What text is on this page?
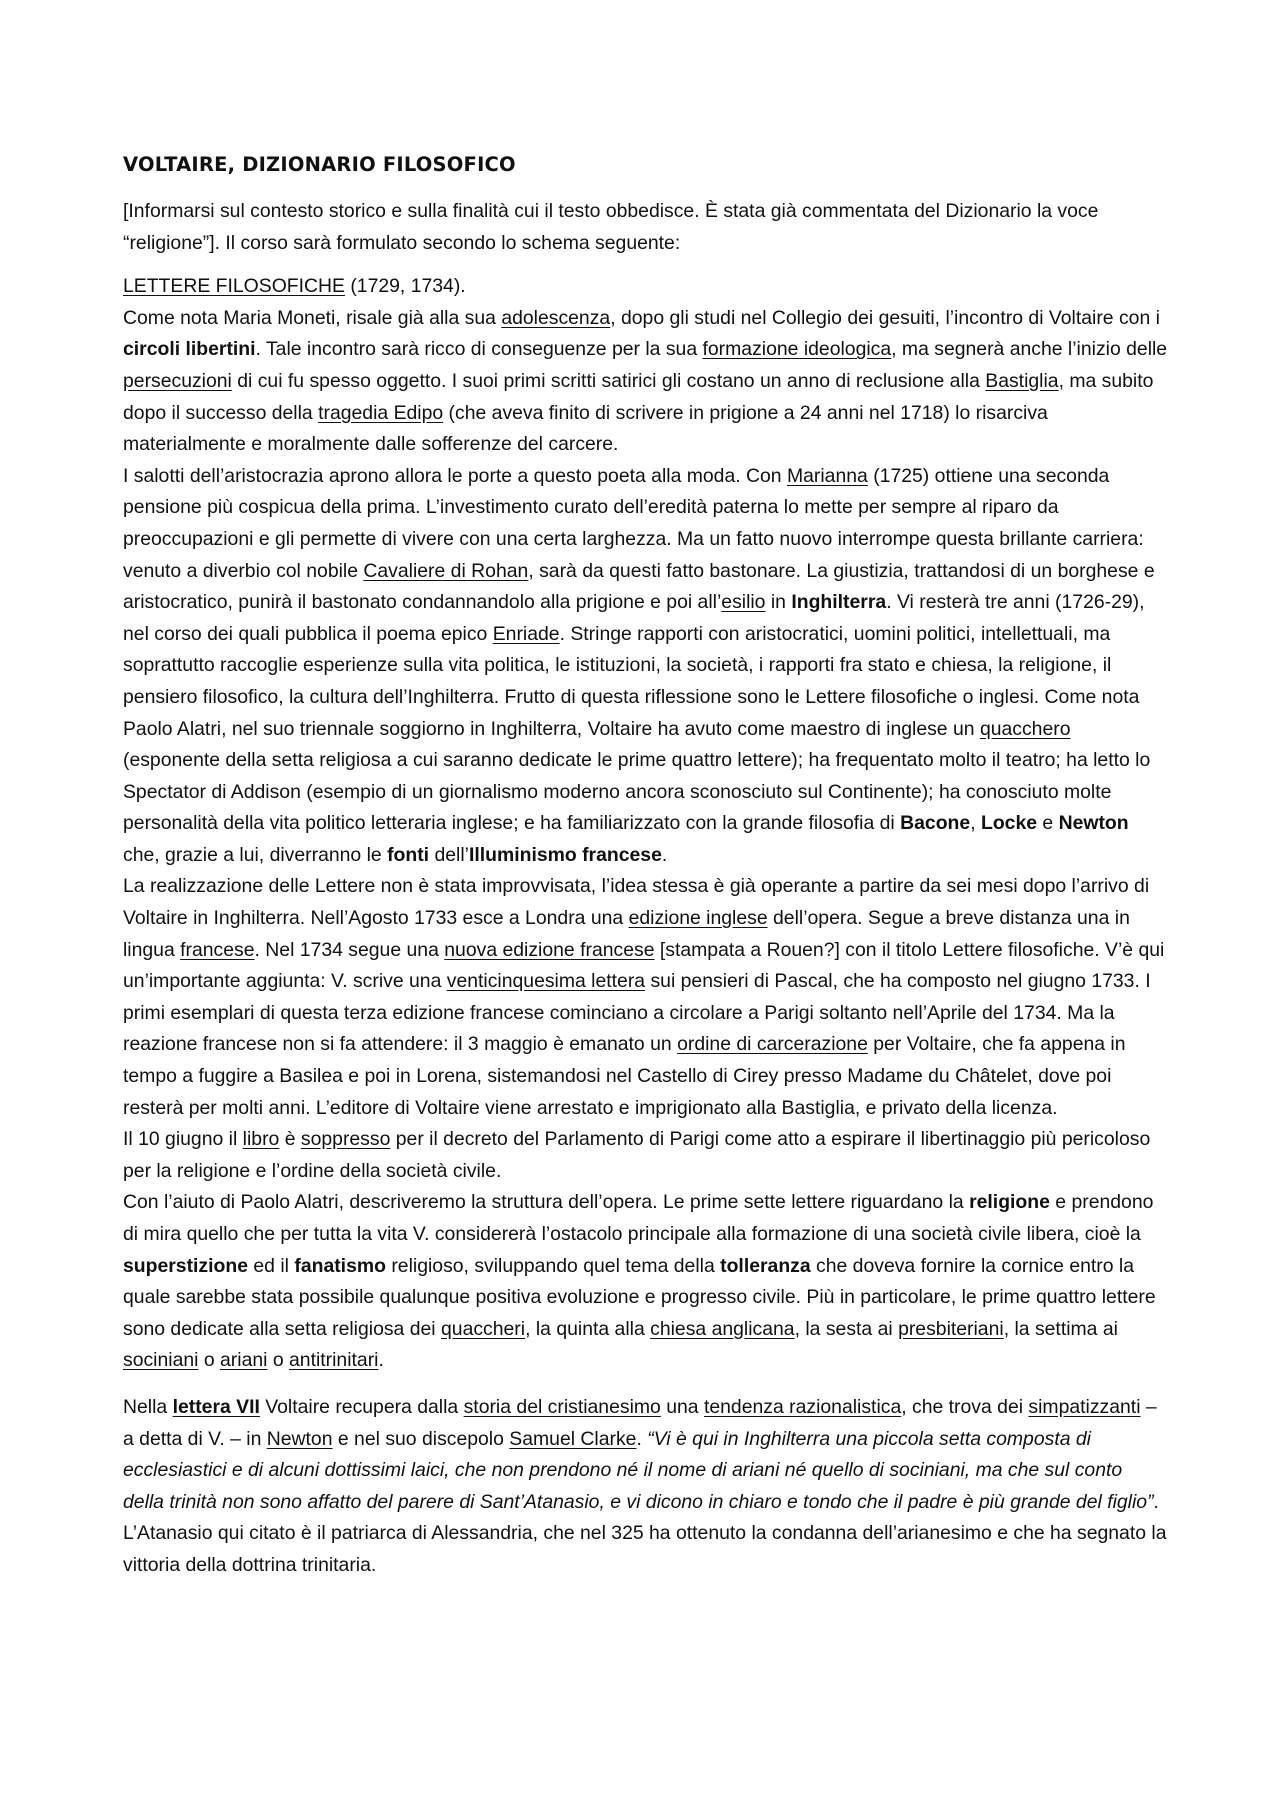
VOLTAIRE, DIZIONARIO FILOSOFICO

[Informarsi sul contesto storico e sulla finalità cui il testo obbedisce. È stata già commentata del Dizionario la voce “religione”]. Il corso sarà formulato secondo lo schema seguente:

LETTERE FILOSOFICHE (1729, 1734).

Come nota Maria Moneti, risale già alla sua adolescenza, dopo gli studi nel Collegio dei gesuiti, l’incontro di Voltaire con i circoli libertini. Tale incontro sarà ricco di conseguenze per la sua formazione ideologica, ma segnerà anche l’inizio delle persecuzioni di cui fu spesso oggetto. I suoi primi scritti satirici gli costano un anno di reclusione alla Bastiglia, ma subito dopo il successo della tragedia Edipo (che aveva finito di scrivere in prigione a 24 anni nel 1718) lo risarciva materialmente e moralmente dalle sofferenze del carcere.

I salotti dell’aristocrazia aprono allora le porte a questo poeta alla moda. Con Marianna (1725) ottiene una seconda pensione più cospicua della prima. L’investimento curato dell’eredità paterna lo mette per sempre al riparo da preoccupazioni e gli permette di vivere con una certa larghezza. Ma un fatto nuovo interrompe questa brillante carriera: venuto a diverbio col nobile Cavaliere di Rohan, sarà da questi fatto bastonare. La giustizia, trattandosi di un borghese e aristocratico, punirà il bastonato condannandolo alla prigione e poi all’esilio in Inghilterra. Vi resterà tre anni (1726-29), nel corso dei quali pubblica il poema epico Enriade. Stringe rapporti con aristocratici, uomini politici, intellettuali, ma soprattutto raccoglie esperienze sulla vita politica, le istituzioni, la società, i rapporti fra stato e chiesa, la religione, il pensiero filosofico, la cultura dell’Inghilterra. Frutto di questa riflessione sono le Lettere filosofiche o inglesi. Come nota Paolo Alatri, nel suo triennale soggiorno in Inghilterra, Voltaire ha avuto come maestro di inglese un quacchero (esponente della setta religiosa a cui saranno dedicate le prime quattro lettere); ha frequentato molto il teatro; ha letto lo Spectator di Addison (esempio di un giornalismo moderno ancora sconosciuto sul Continente); ha conosciuto molte personalità della vita politico letteraria inglese; e ha familiarizzato con la grande filosofia di Bacone, Locke e Newton che, grazie a lui, diverranno le fonti dell’Illuminismo francese.

La realizzazione delle Lettere non è stata improvvisata, l’idea stessa è già operante a partire da sei mesi dopo l’arrivo di Voltaire in Inghilterra. Nell’Agosto 1733 esce a Londra una edizione inglese dell’opera. Segue a breve distanza una in lingua francese. Nel 1734 segue una nuova edizione francese [stampata a Rouen?] con il titolo Lettere filosofiche. V’è qui un’importante aggiunta: V. scrive una venticinquesima lettera sui pensieri di Pascal, che ha composto nel giugno 1733. I primi esemplari di questa terza edizione francese cominciano a circolare a Parigi soltanto nell’Aprile del 1734. Ma la reazione francese non si fa attendere: il 3 maggio è emanato un ordine di carcerazione per Voltaire, che fa appena in tempo a fuggire a Basilea e poi in Lorena, sistemandosi nel Castello di Cirey presso Madame du Châtelet, dove poi resterà per molti anni. L’editore di Voltaire viene arrestato e imprigionato alla Bastiglia, e privato della licenza.

Il 10 giugno il libro è soppresso per il decreto del Parlamento di Parigi come atto a espirare il libertinaggio più pericoloso per la religione e l’ordine della società civile.

Con l’aiuto di Paolo Alatri, descriveremo la struttura dell’opera. Le prime sette lettere riguardano la religione e prendono di mira quello che per tutta la vita V. considererà l’ostacolo principale alla formazione di una società civile libera, cioè la superstizione ed il fanatismo religioso, sviluppando quel tema della tolleranza che doveva fornire la cornice entro la quale sarebbe stata possibile qualunque positiva evoluzione e progresso civile. Più in particolare, le prime quattro lettere sono dedicate alla setta religiosa dei quaccheri, la quinta alla chiesa anglicana, la sesta ai presbiteriani, la settima ai sociniani o ariani o antitrinitari.

Nella lettera VII Voltaire recupera dalla storia del cristianesimo una tendenza razionalistica, che trova dei simpatizzanti – a detta di V. – in Newton e nel suo discepolo Samuel Clarke. “Vi è qui in Inghilterra una piccola setta composta di ecclesiastici e di alcuni dottissimi laici, che non prendono né il nome di ariani né quello di sociniani, ma che sul conto della trinità non sono affatto del parere di Sant’Atanasio, e vi dicono in chiaro e tondo che il padre è più grande del figlio”. L’Atanasio qui citato è il patriarca di Alessandria, che nel 325 ha ottenuto la condanna dell’arianesimo e che ha segnato la vittoria della dottrina trinitaria.
